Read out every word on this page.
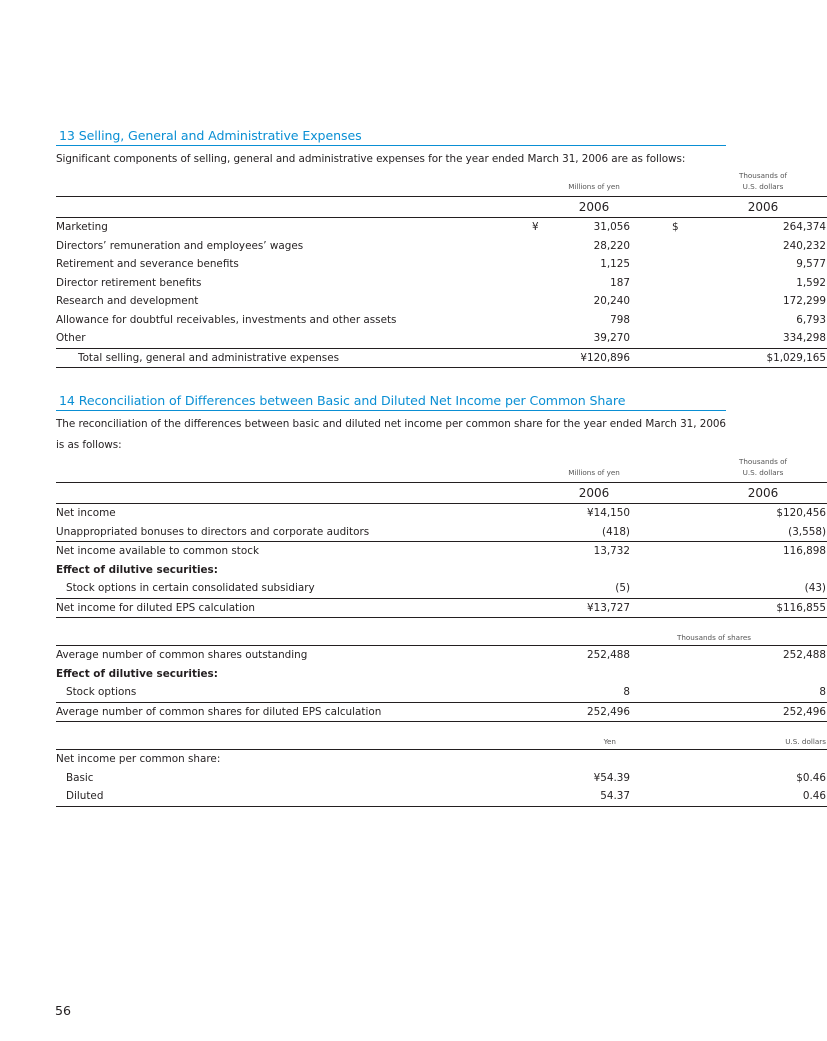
13 Selling, General and Administrative Expenses
Significant components of selling, general and administrative expenses for the year ended March 31, 2006 are as follows:
	Millions of yen	Thousands of
U.S. dollars
	2006	2006
Marketing	¥ 31,056	$ 264,374
Directors’ remuneration and employees’ wages	28,220	240,232
Retirement and severance benefits	1,125	9,577
Director retirement benefits	187	1,592
Research and development	20,240	172,299
Allowance for doubtful receivables, investments and other assets	798	6,793
Other	39,270	334,298
Total selling, general and administrative expenses	¥120,896	$1,029,165
14 Reconciliation of Differences between Basic and Diluted Net Income per Common Share
The reconciliation of the differences between basic and diluted net income per common share for the year ended March 31, 2006 is as follows:
	Millions of yen	Thousands of
U.S. dollars
	2006	2006
Net income	¥14,150	$120,456
Unappropriated bonuses to directors and corporate auditors	(418)	(3,558)
Net income available to common stock	13,732	116,898
Effect of dilutive securities:		
Stock options in certain consolidated subsidiary	(5)	(43)
Net income for diluted EPS calculation	¥13,727	$116,855
Thousands of shares		
Average number of common shares outstanding	252,488	252,488
Effect of dilutive securities:		
Stock options	8	8
Average number of common shares for diluted EPS calculation	252,496	252,496
	Yen	U.S. dollars
Net income per common share:		
Basic	¥54.39	$0.46
Diluted	54.37	0.46
56
